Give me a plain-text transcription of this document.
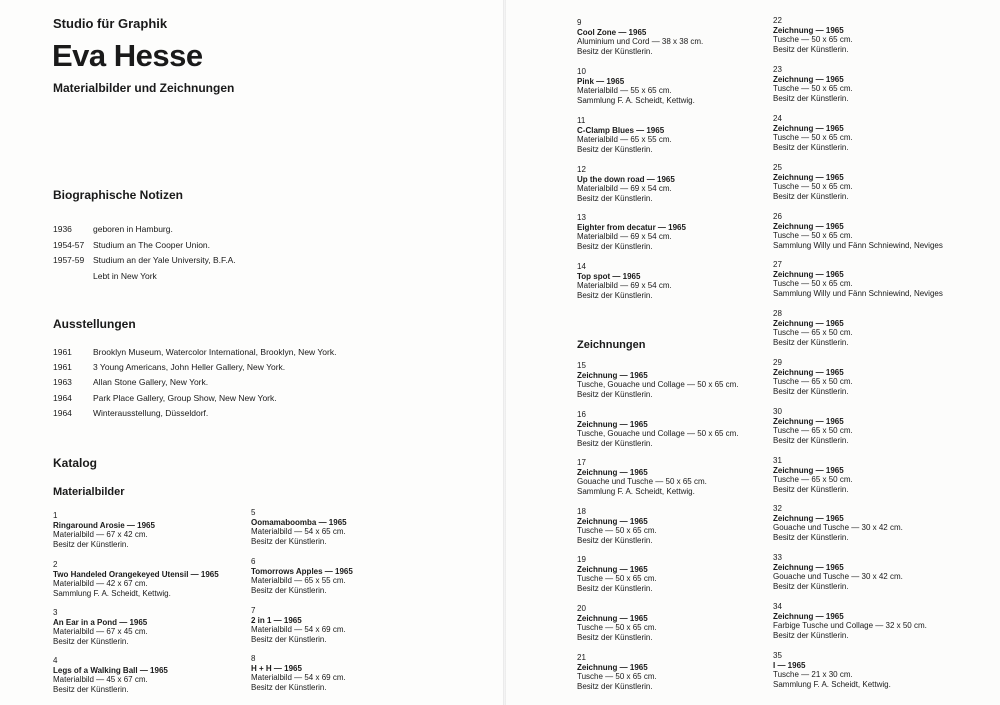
Studio für Graphik
Eva Hesse
Materialbilder und Zeichnungen
Biographische Notizen
1936 geboren in Hamburg.
1954-57 Studium an The Cooper Union.
1957-59 Studium an der Yale University, B.F.A.
Lebt in New York
Ausstellungen
1961 Brooklyn Museum, Watercolor International, Brooklyn, New York.
1961 3 Young Americans, John Heller Gallery, New York.
1963 Allan Stone Gallery, New York.
1964 Park Place Gallery, Group Show, New New York.
1964 Winterausstellung, Düsseldorf.
Katalog
Materialbilder
Zeichnungen
1
Ringaround Arosie — 1965
Materialbild — 67 x 42 cm.
Besitz der Künstlerin.
2
Two Handeled Orangekeyed Utensil — 1965
Materialbild — 42 x 67 cm.
Sammlung F. A. Scheidt, Kettwig.
3
An Ear in a Pond — 1965
Materialbild — 67 x 45 cm.
Besitz der Künstlerin.
4
Legs of a Walking Ball — 1965
Materialbild — 45 x 67 cm.
Besitz der Künstlerin.
5
Oomamaboomba — 1965
Materialbild — 54 x 65 cm.
Besitz der Künstlerin.
6
Tomorrows Apples — 1965
Materialbild — 65 x 55 cm.
Besitz der Künstlerin.
7
2 in 1 — 1965
Materialbild — 54 x 69 cm.
Besitz der Künstlerin.
8
H + H — 1965
Materialbild — 54 x 69 cm.
Besitz der Künstlerin.
9
Cool Zone — 1965
Aluminium und Cord — 38 x 38 cm.
Besitz der Künstlerin.
10
Pink — 1965
Materialbild — 55 x 65 cm.
Sammlung F. A. Scheidt, Kettwig.
11
C-Clamp Blues — 1965
Materialbild — 65 x 55 cm.
Besitz der Künstlerin.
12
Up the down road — 1965
Materialbild — 69 x 54 cm.
Besitz der Künstlerin.
13
Eighter from decatur — 1965
Materialbild — 69 x 54 cm.
Besitz der Künstlerin.
14
Top spot — 1965
Materialbild — 69 x 54 cm.
Besitz der Künstlerin.
15
Zeichnung — 1965
Tusche, Gouache und Collage — 50 x 65 cm.
Besitz der Künstlerin.
16
Zeichnung — 1965
Tusche, Gouache und Collage — 50 x 65 cm.
Besitz der Künstlerin.
17
Zeichnung — 1965
Gouache und Tusche — 50 x 65 cm.
Sammlung F. A. Scheidt, Kettwig.
18
Zeichnung — 1965
Tusche — 50 x 65 cm.
Besitz der Künstlerin.
19
Zeichnung — 1965
Tusche — 50 x 65 cm.
Besitz der Künstlerin.
20
Zeichnung — 1965
Tusche — 50 x 65 cm.
Besitz der Künstlerin.
21
Zeichnung — 1965
Tusche — 50 x 65 cm.
Besitz der Künstlerin.
22
Zeichnung — 1965
Tusche — 50 x 65 cm.
Besitz der Künstlerin.
23
Zeichnung — 1965
Tusche — 50 x 65 cm.
Besitz der Künstlerin.
24
Zeichnung — 1965
Tusche — 50 x 65 cm.
Besitz der Künstlerin.
25
Zeichnung — 1965
Tusche — 50 x 65 cm.
Besitz der Künstlerin.
26
Zeichnung — 1965
Tusche — 50 x 65 cm.
Sammlung Willy und Fänn Schniewind, Neviges
27
Zeichnung — 1965
Tusche — 50 x 65 cm.
Sammlung Willy und Fänn Schniewind, Neviges
28
Zeichnung — 1965
Tusche — 65 x 50 cm.
Besitz der Künstlerin.
29
Zeichnung — 1965
Tusche — 65 x 50 cm.
Besitz der Künstlerin.
30
Zeichnung — 1965
Tusche — 65 x 50 cm.
Besitz der Künstlerin.
31
Zeichnung — 1965
Tusche — 65 x 50 cm.
Besitz der Künstlerin.
32
Zeichnung — 1965
Gouache und Tusche — 30 x 42 cm.
Besitz der Künstlerin.
33
Zeichnung — 1965
Gouache und Tusche — 30 x 42 cm.
Besitz der Künstlerin.
34
Zeichnung — 1965
Farbige Tusche und Collage — 32 x 50 cm.
Besitz der Künstlerin.
35
I — 1965
Tusche — 21 x 30 cm.
Sammlung F. A. Scheidt, Kettwig.
